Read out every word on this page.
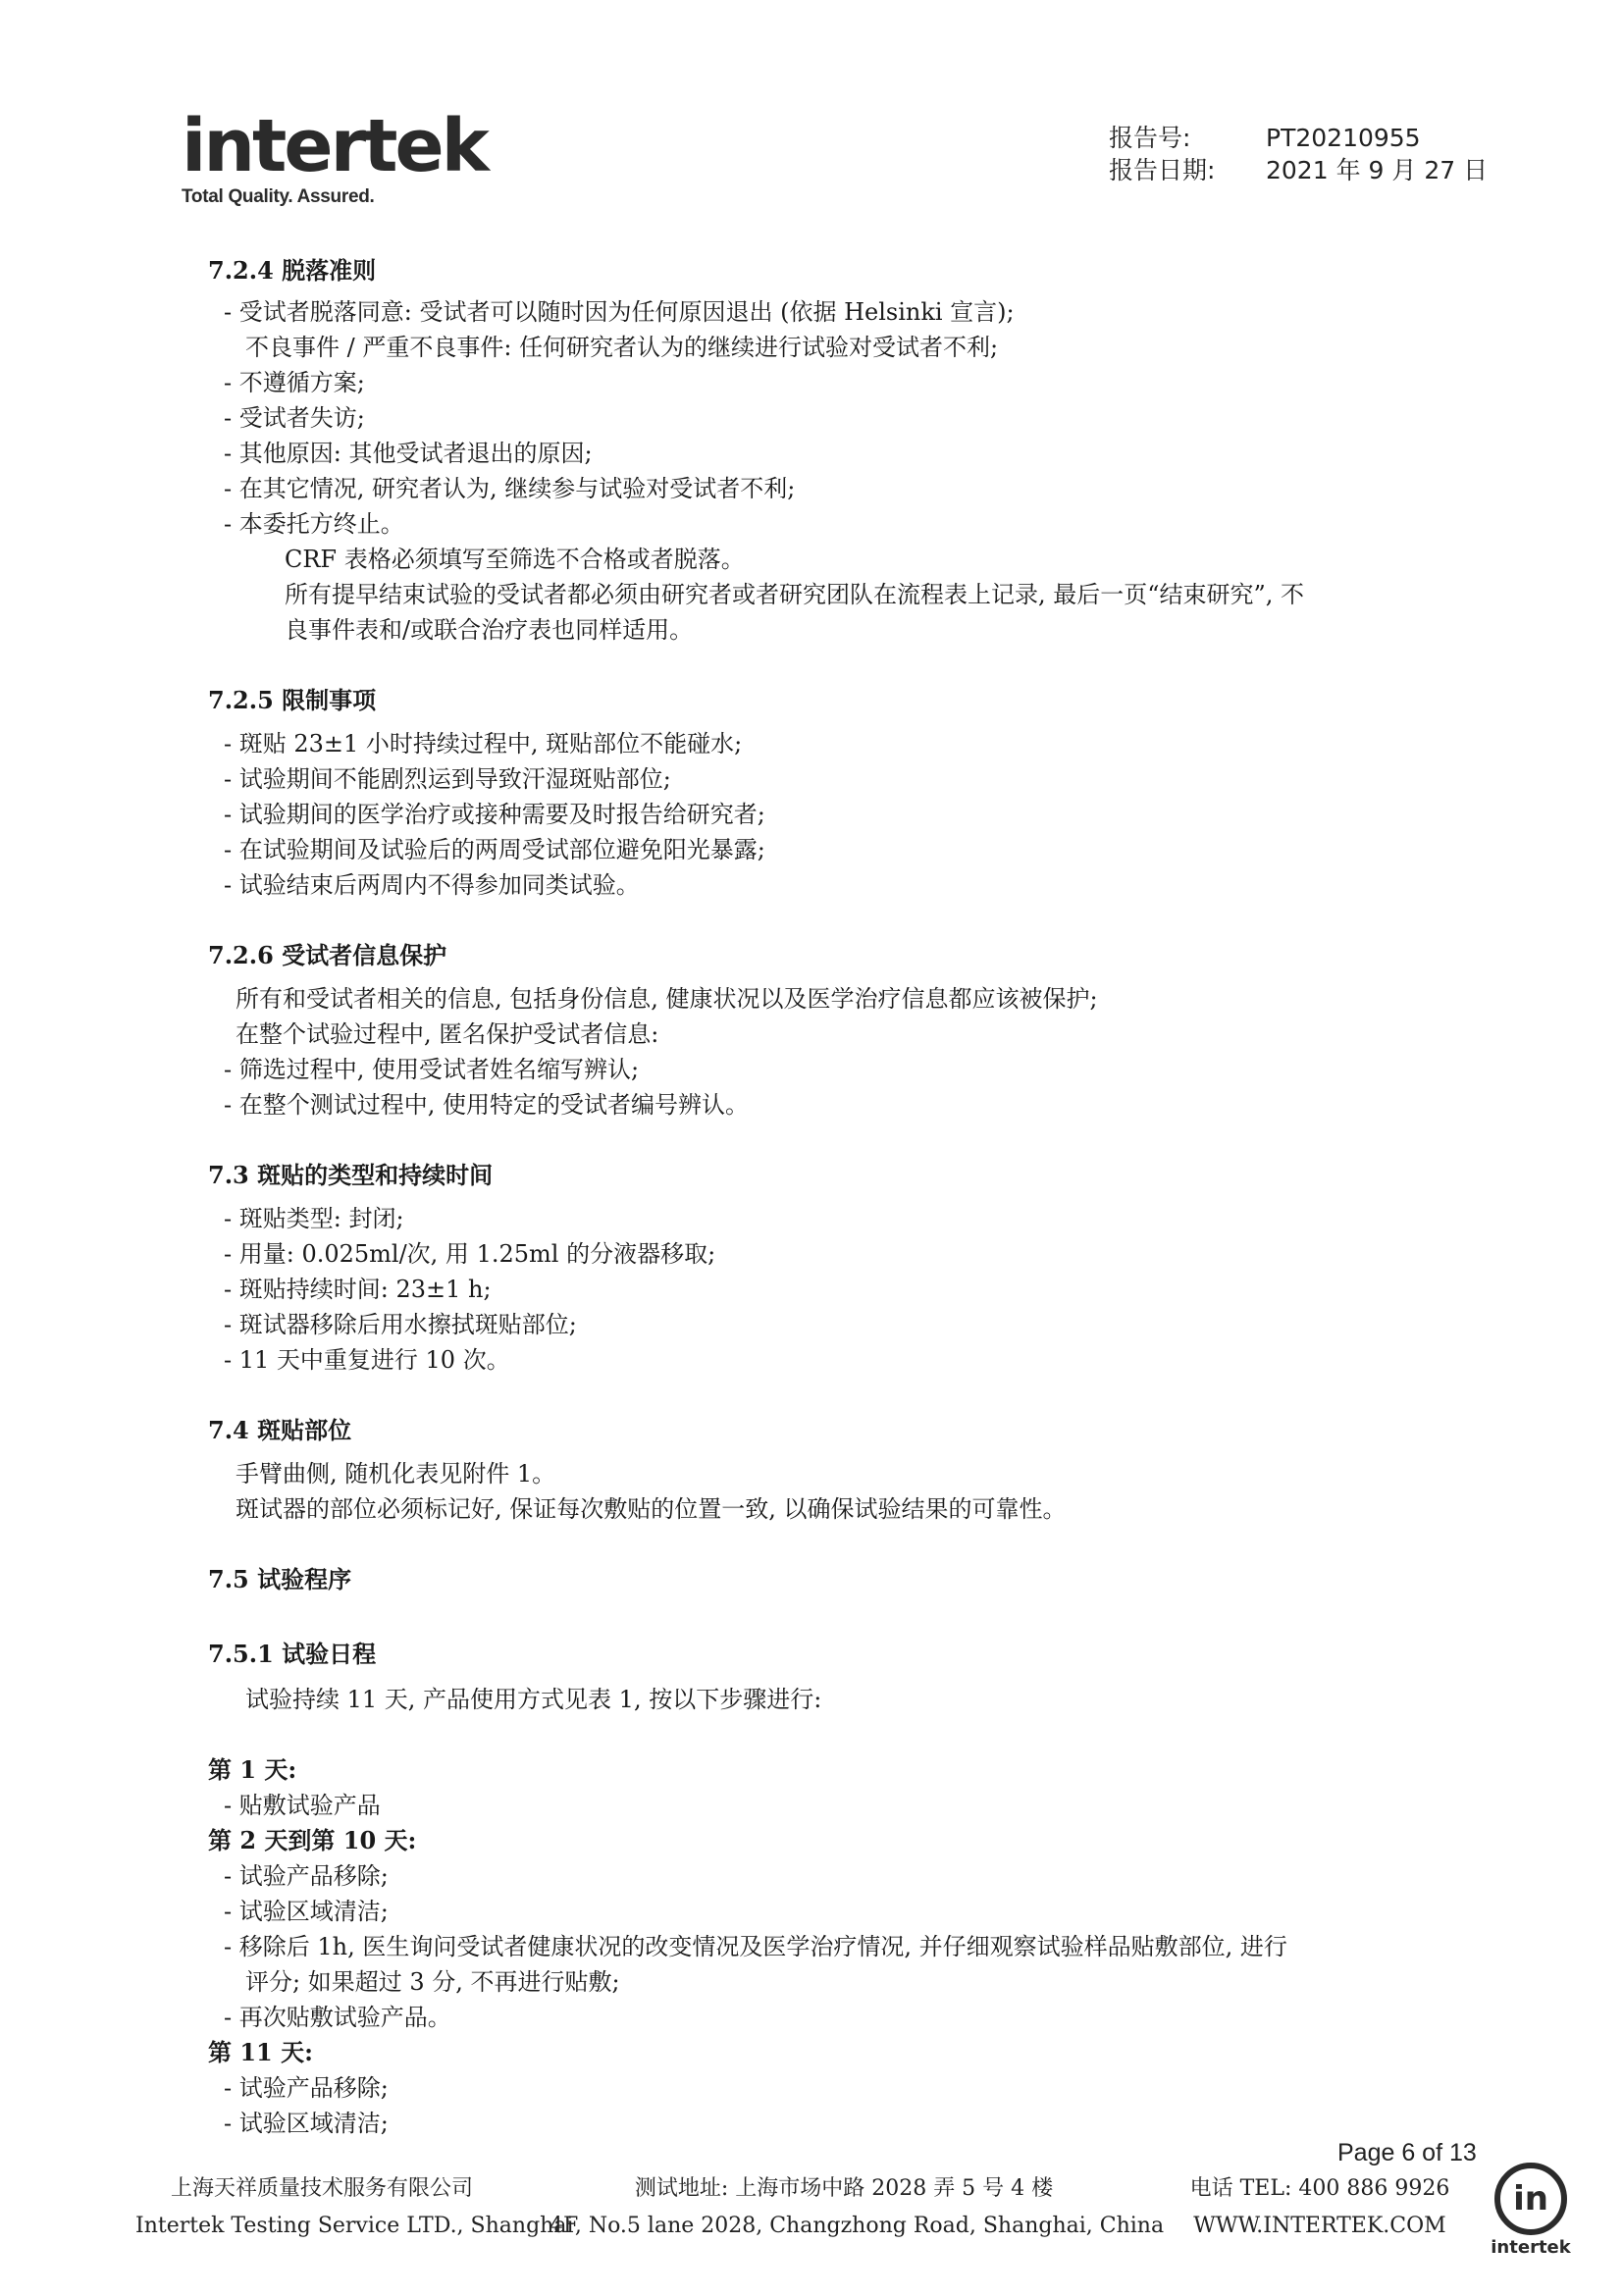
intertek
Total Quality. Assured.
报告号:	PT20210955
报告日期:	2021 年 9 月 27 日
7.2.4 脱落准则
- 受试者脱落同意: 受试者可以随时因为任何原因退出 (依据 Helsinki 宣言);
不良事件 / 严重不良事件: 任何研究者认为的继续进行试验对受试者不利;
- 不遵循方案;
- 受试者失访;
- 其他原因: 其他受试者退出的原因;
- 在其它情况, 研究者认为, 继续参与试验对受试者不利;
- 本委托方终止。
CRF 表格必须填写至筛选不合格或者脱落。
所有提早结束试验的受试者都必须由研究者或者研究团队在流程表上记录, 最后一页“结束研究”, 不
良事件表和/或联合治疗表也同样适用。
7.2.5 限制事项
- 斑贴 23±1 小时持续过程中, 斑贴部位不能碰水;
- 试验期间不能剧烈运到导致汗湿斑贴部位;
- 试验期间的医学治疗或接种需要及时报告给研究者;
- 在试验期间及试验后的两周受试部位避免阳光暴露;
- 试验结束后两周内不得参加同类试验。
7.2.6 受试者信息保护
所有和受试者相关的信息, 包括身份信息, 健康状况以及医学治疗信息都应该被保护;
在整个试验过程中, 匿名保护受试者信息:
- 筛选过程中, 使用受试者姓名缩写辨认;
- 在整个测试过程中, 使用特定的受试者编号辨认。
7.3 斑贴的类型和持续时间
- 斑贴类型: 封闭;
- 用量: 0.025ml/次, 用 1.25ml 的分液器移取;
- 斑贴持续时间: 23±1 h;
- 斑试器移除后用水擦拭斑贴部位;
- 11 天中重复进行 10 次。
7.4 斑贴部位
手臂曲侧, 随机化表见附件 1。
斑试器的部位必须标记好, 保证每次敷贴的位置一致, 以确保试验结果的可靠性。
7.5 试验程序
7.5.1 试验日程
试验持续 11 天, 产品使用方式见表 1, 按以下步骤进行:
第 1 天:
- 贴敷试验产品
第 2 天到第 10 天:
- 试验产品移除;
- 试验区域清洁;
- 移除后 1h, 医生询问受试者健康状况的改变情况及医学治疗情况, 并仔细观察试验样品贴敷部位, 进行
评分; 如果超过 3 分, 不再进行贴敷;
- 再次贴敷试验产品。
第 11 天:
- 试验产品移除;
- 试验区域清洁;
Page 6 of 13
上海天祥质量技术服务有限公司
Intertek Testing Service LTD., Shanghai
测试地址: 上海市场中路 2028 弄 5 号 4 楼
4F, No.5 lane 2028, Changzhong Road, Shanghai, China
电话 TEL: 400 886 9926
WWW.INTERTEK.COM
in
intertek
